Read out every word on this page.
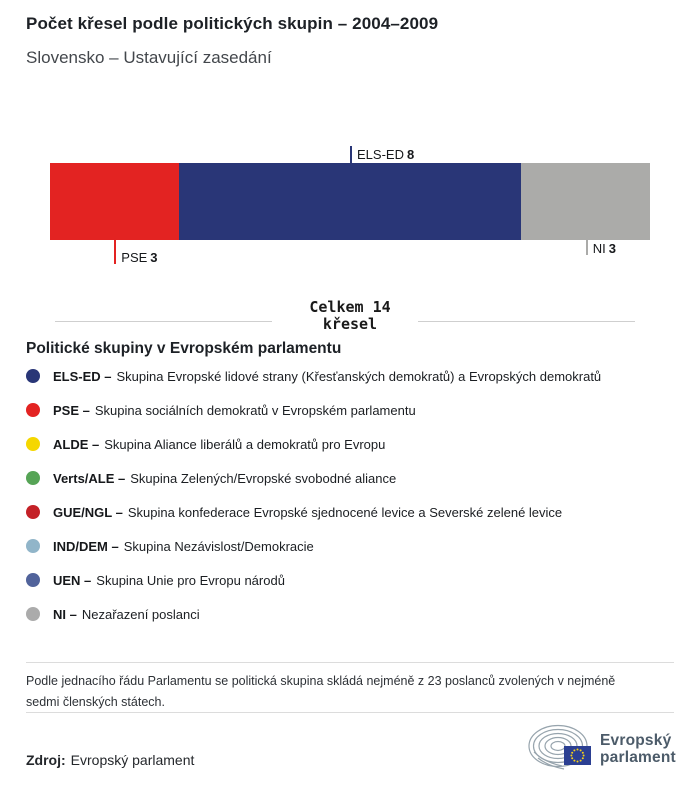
Počet křesel podle politických skupin – 2004–2009
Slovensko – Ustavující zasedání
ELS-ED 8
PSE 3
NI 3
Celkem 14
křesel
Politické skupiny v Evropském parlamentu
ELS-ED – Skupina Evropské lidové strany (Křesťanských demokratů) a Evropských demokratů
PSE – Skupina sociálních demokratů v Evropském parlamentu
ALDE – Skupina Aliance liberálů a demokratů pro Evropu
Verts/ALE – Skupina Zelených/Evropské svobodné aliance
GUE/NGL – Skupina konfederace Evropské sjednocené levice a Severské zelené levice
IND/DEM – Skupina Nezávislost/Demokracie
UEN – Skupina Unie pro Evropu národů
NI – Nezařazení poslanci
Podle jednacího řádu Parlamentu se politická skupina skládá nejméně z 23 poslanců zvolených v nejméně sedmi členských státech.
Zdroj: Evropský parlament
Evropský
parlament
